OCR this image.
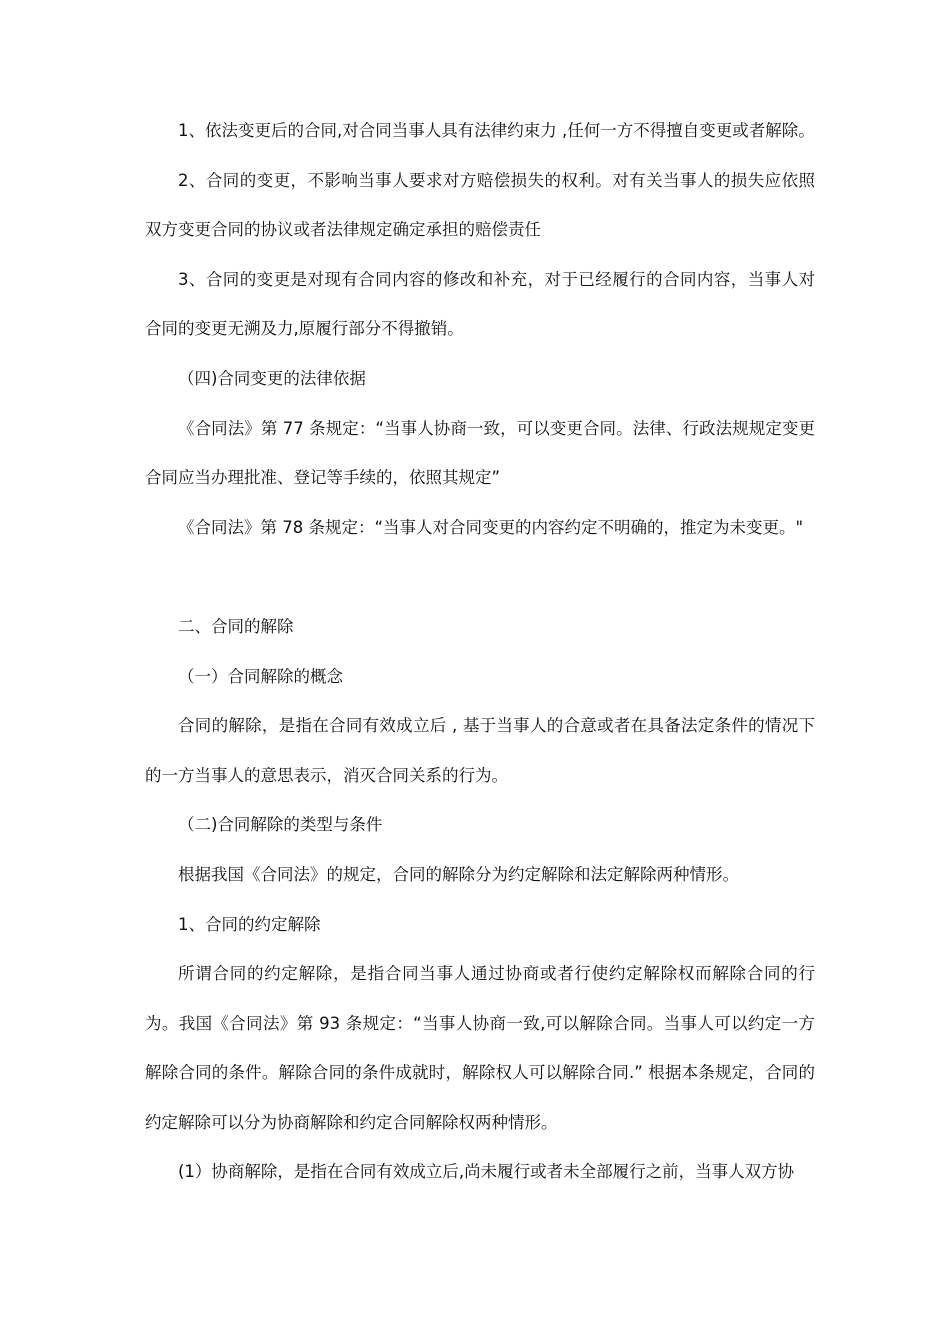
1、依法变更后的合同,对合同当事人具有法律约束力 ,任何一方不得擅自变更或者解除。

2、合同的变更，不影响当事人要求对方赔偿损失的权利。对有关当事人的损失应依照双方变更合同的协议或者法律规定确定承担的赔偿责任

3、合同的变更是对现有合同内容的修改和补充，对于已经履行的合同内容，当事人对合同的变更无溯及力,原履行部分不得撤销。

（四)合同变更的法律依据

《合同法》第 77 条规定：“当事人协商一致，可以变更合同。法律、行政法规规定变更合同应当办理批准、登记等手续的，依照其规定”

《合同法》第 78 条规定：“当事人对合同变更的内容约定不明确的，推定为未变更。"

二、合同的解除

（一）合同解除的概念

合同的解除，是指在合同有效成立后 , 基于当事人的合意或者在具备法定条件的情况下的一方当事人的意思表示，消灭合同关系的行为。

（二)合同解除的类型与条件

根据我国《合同法》的规定，合同的解除分为约定解除和法定解除两种情形。

1、合同的约定解除

所谓合同的约定解除，是指合同当事人通过协商或者行使约定解除权而解除合同的行为。我国《合同法》第 93 条规定：“当事人协商一致,可以解除合同。当事人可以约定一方解除合同的条件。解除合同的条件成就时，解除权人可以解除合同.” 根据本条规定，合同的约定解除可以分为协商解除和约定合同解除权两种情形。

(1）协商解除，是指在合同有效成立后,尚未履行或者未全部履行之前，当事人双方协
